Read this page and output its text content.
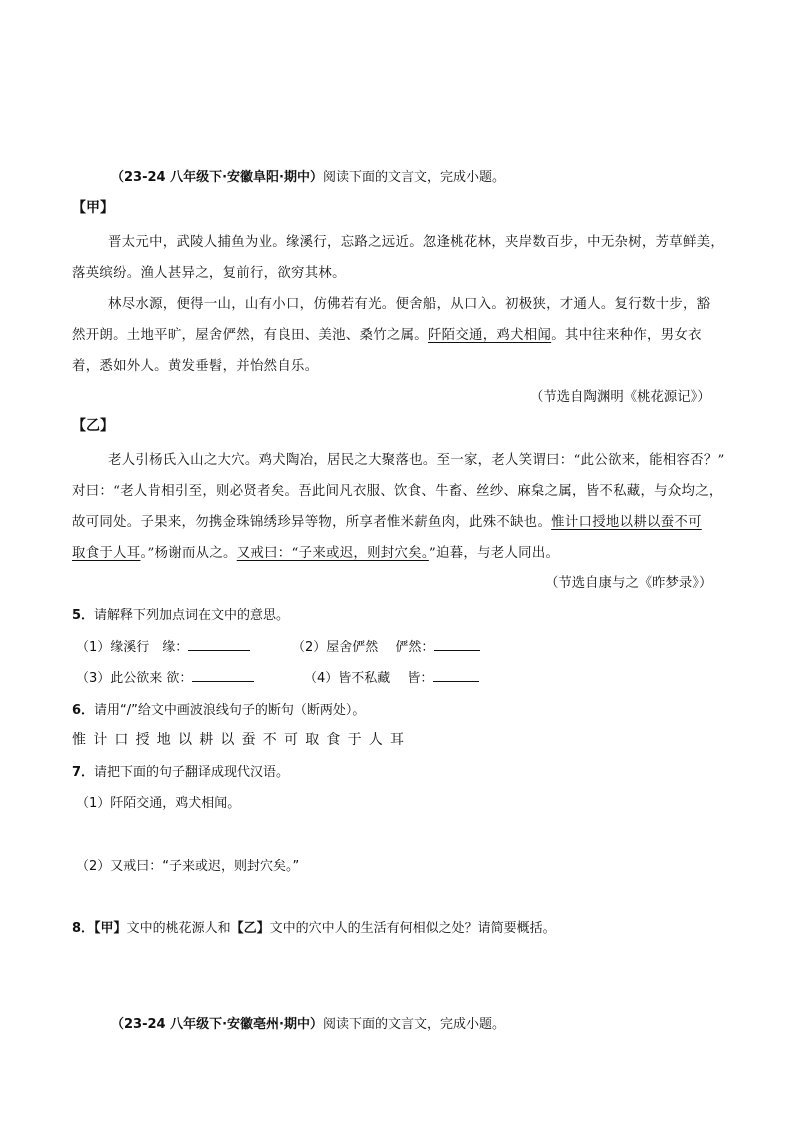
（23-24 八年级下·安徽阜阳·期中）阅读下面的文言文，完成小题。
【甲】
晋太元中，武陵人捕鱼为业。缘溪行，忘路之远近。忽逢桃花林，夹岸数百步，中无杂树，芳草鲜美，
落英缤纷。渔人甚异之，复前行，欲穷其林。
林尽水源，便得一山，山有小口，仿佛若有光。便舍船，从口入。初极狭，才通人。复行数十步，豁
然开朗。土地平旷，屋舍俨然，有良田、美池、桑竹之属。阡陌交通，鸡犬相闻。其中往来种作，男女衣
着，悉如外人。黄发垂髫，并怡然自乐。
（节选自陶渊明《桃花源记》）
【乙】
老人引杨氏入山之大穴。鸡犬陶冶，居民之大聚落也。至一家，老人笑谓曰：“此公欲来，能相容否？”
对曰：“老人肯相引至，则必贤者矣。吾此间凡衣服、饮食、牛畜、丝纱、麻枲之属，皆不私藏，与众均之，
故可同处。子果来，勿携金珠锦绣珍异等物，所享者惟米薪鱼肉，此殊不缺也。惟计口授地以耕以蚕不可
取食于人耳。”杨谢而从之。又戒曰：“子来或迟，则封穴矣。”迫暮，与老人同出。
（节选自康与之《昨梦录》）
5．请解释下列加点词在文中的意思。
（1）缘溪行　缘：	（2）屋舍俨然　 俨然：
（3）此公欲来 欲：	（4）皆不私藏　 皆：
6．请用“/”给文中画波浪线句子的断句（断两处）。
惟计口授地以耕以蚕不可取食于人耳
7．请把下面的句子翻译成现代汉语。
（1）阡陌交通，鸡犬相闻。
（2）又戒曰：“子来或迟，则封穴矣。”
8．【甲】文中的桃花源人和【乙】文中的穴中人的生活有何相似之处？请简要概括。
（23-24 八年级下·安徽亳州·期中）阅读下面的文言文，完成小题。
